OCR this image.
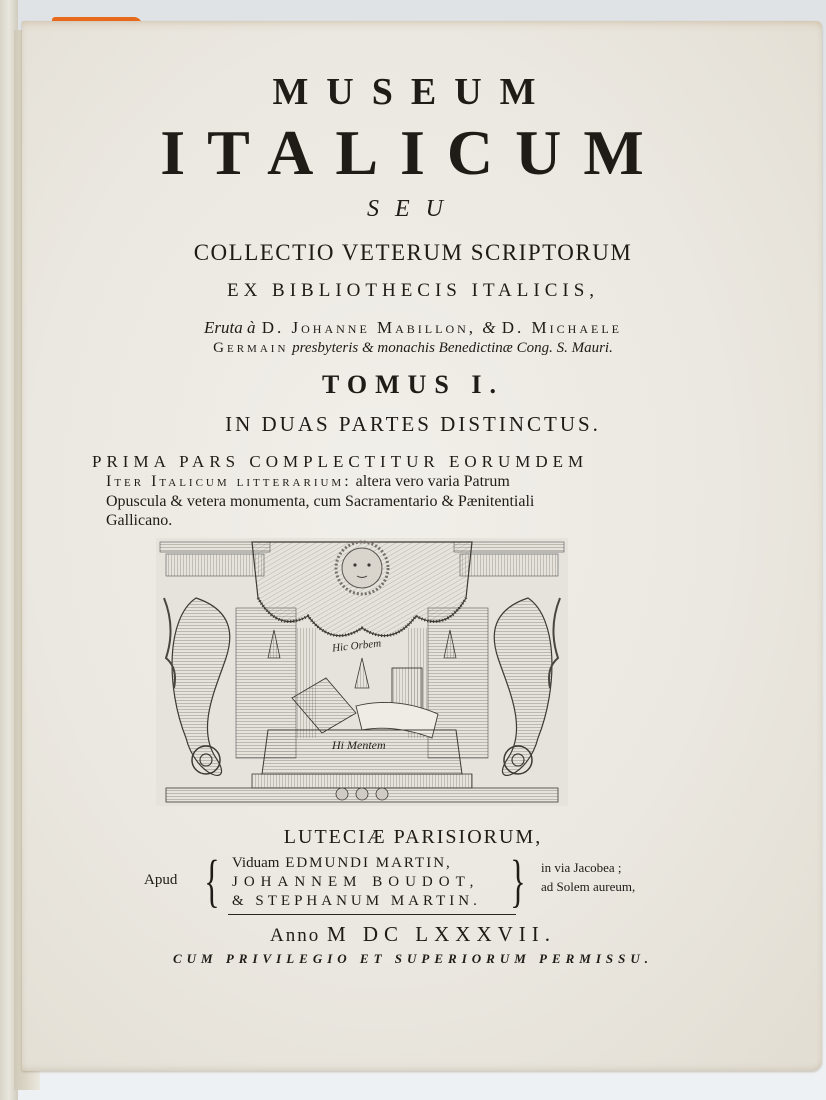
MUSEUM
ITALICUM
SEU
COLLECTIO VETERUM SCRIPTORUM
EX BIBLIOTHECIS ITALICIS,
Eruta à D. Johanne Mabillon, & D. Michaele
Germain presbyteris & monachis Benedictinæ Cong. S. Mauri.
TOMUS I.
IN DUAS PARTES DISTINCTUS.
PRIMA PARS COMPLECTITUR EORUMDEM
Iter Italicum litterarium: altera vero varia Patrum
Opuscula & vetera monumenta, cum Sacramentario & Pænitentiali
Gallicano.
Hic Orbem
Hi Mentem
LUTECIÆ PARISIORUM,
Apud { Viduam EDMUNDI MARTIN,
JOHANNEM BOUDOT,
& STEPHANUM MARTIN. } in via Jacobea ;
ad Solem aureum,
Anno M DC LXXXVII.
CUM PRIVILEGIO ET SUPERIORUM PERMISSU.
